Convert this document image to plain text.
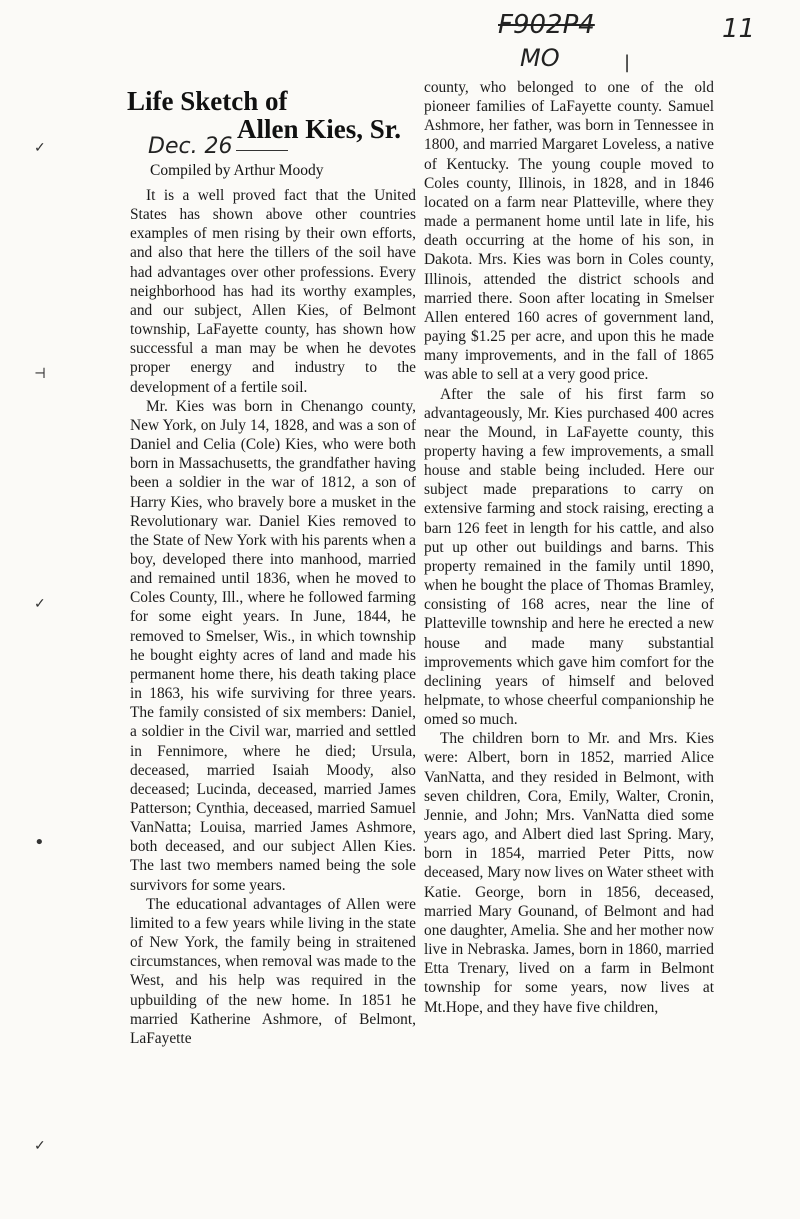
F902P4
MO	|
11
Dec. 26
✓
⊣
✓
•
✓
Life Sketch of
Allen Kies, Sr.
Compiled by Arthur Moody

It is a well proved fact that the United States has shown above other countries examples of men rising by their own efforts, and also that here the tillers of the soil have had advantages over other professions. Every neighborhood has had its worthy examples, and our subject, Allen Kies, of Belmont township, LaFayette county, has shown how successful a man may be when he devotes proper energy and industry to the development of a fertile soil.

Mr. Kies was born in Chenango county, New York, on July 14, 1828, and was a son of Daniel and Celia (Cole) Kies, who were both born in Massachusetts, the grandfather having been a soldier in the war of 1812, a son of Harry Kies, who bravely bore a musket in the Revolutionary war. Daniel Kies removed to the State of New York with his parents when a boy, developed there into manhood, married and remained until 1836, when he moved to Coles County, Ill., where he followed farming for some eight years. In June, 1844, he removed to Smelser, Wis., in which township he bought eighty acres of land and made his permanent home there, his death taking place in 1863, his wife surviving for three years. The family consisted of six members: Daniel, a soldier in the Civil war, married and settled in Fennimore, where he died; Ursula, deceased, married Isaiah Moody, also deceased; Lucinda, deceased, married James Patterson; Cynthia, deceased, married Samuel VanNatta; Louisa, married James Ashmore, both deceased, and our subject Allen Kies. The last two members named being the sole survivors for some years.

The educational advantages of Allen were limited to a few years while living in the state of New York, the family being in straitened circumstances, when removal was made to the West, and his help was required in the upbuilding of the new home. In 1851 he married Katherine Ashmore, of Belmont, LaFayette

county, who belonged to one of the old pioneer families of LaFayette county. Samuel Ashmore, her father, was born in Tennessee in 1800, and married Margaret Loveless, a native of Kentucky. The young couple moved to Coles county, Illinois, in 1828, and in 1846 located on a farm near Platteville, where they made a permanent home until late in life, his death occurring at the home of his son, in Dakota. Mrs. Kies was born in Coles county, Illinois, attended the district schools and married there. Soon after locating in Smelser Allen entered 160 acres of government land, paying $1.25 per acre, and upon this he made many improvements, and in the fall of 1865 was able to sell at a very good price.

After the sale of his first farm so advantageously, Mr. Kies purchased 400 acres near the Mound, in LaFayette county, this property having a few improvements, a small house and stable being included. Here our subject made preparations to carry on extensive farming and stock raising, erecting a barn 126 feet in length for his cattle, and also put up other out buildings and barns. This property remained in the family until 1890, when he bought the place of Thomas Bramley, consisting of 168 acres, near the line of Platteville township and here he erected a new house and made many substantial improvements which gave him comfort for the declining years of himself and beloved helpmate, to whose cheerful companionship he omed so much.

The children born to Mr. and Mrs. Kies were: Albert, born in 1852, married Alice VanNatta, and they resided in Belmont, with seven children, Cora, Emily, Walter, Cronin, Jennie, and John; Mrs. VanNatta died some years ago, and Albert died last Spring. Mary, born in 1854, married Peter Pitts, now deceased, Mary now lives on Water stheet with Katie. George, born in 1856, deceased, married Mary Gounand, of Belmont and had one daughter, Amelia. She and her mother now live in Nebraska. James, born in 1860, married Etta Trenary, lived on a farm in Belmont township for some years, now lives at Mt.Hope, and they have five children,
